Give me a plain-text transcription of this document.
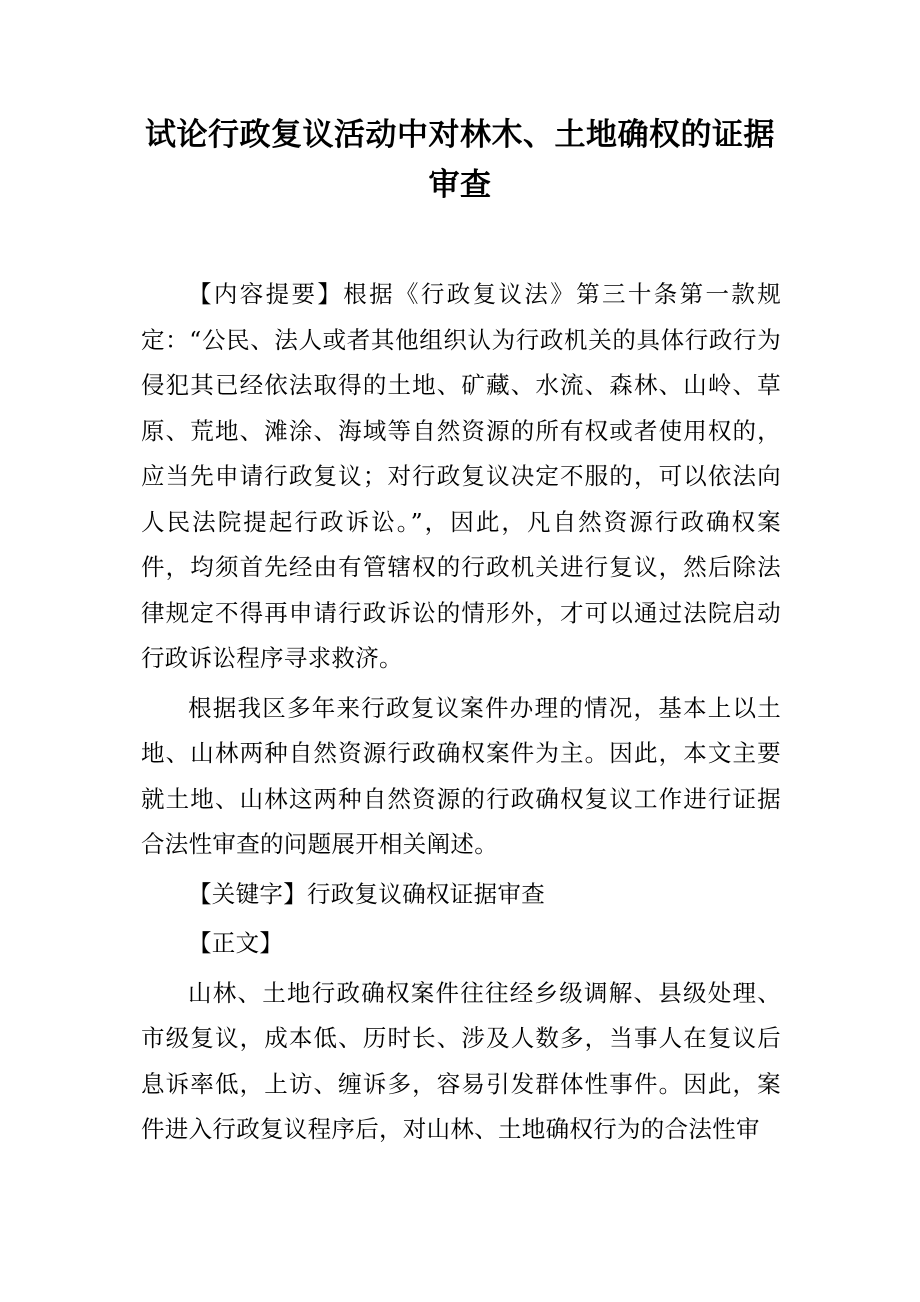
试论行政复议活动中对林木、土地确权的证据审查

【内容提要】根据《行政复议法》第三十条第一款规定：“公民、法人或者其他组织认为行政机关的具体行政行为侵犯其已经依法取得的土地、矿藏、水流、森林、山岭、草原、荒地、滩涂、海域等自然资源的所有权或者使用权的，应当先申请行政复议；对行政复议决定不服的，可以依法向人民法院提起行政诉讼。”，因此，凡自然资源行政确权案件，均须首先经由有管辖权的行政机关进行复议，然后除法律规定不得再申请行政诉讼的情形外，才可以通过法院启动行政诉讼程序寻求救济。

根据我区多年来行政复议案件办理的情况，基本上以土地、山林两种自然资源行政确权案件为主。因此，本文主要就土地、山林这两种自然资源的行政确权复议工作进行证据合法性审查的问题展开相关阐述。

【关键字】行政复议确权证据审查

【正文】

山林、土地行政确权案件往往经乡级调解、县级处理、市级复议，成本低、历时长、涉及人数多，当事人在复议后息诉率低，上访、缠诉多，容易引发群体性事件。因此，案件进入行政复议程序后，对山林、土地确权行为的合法性审
